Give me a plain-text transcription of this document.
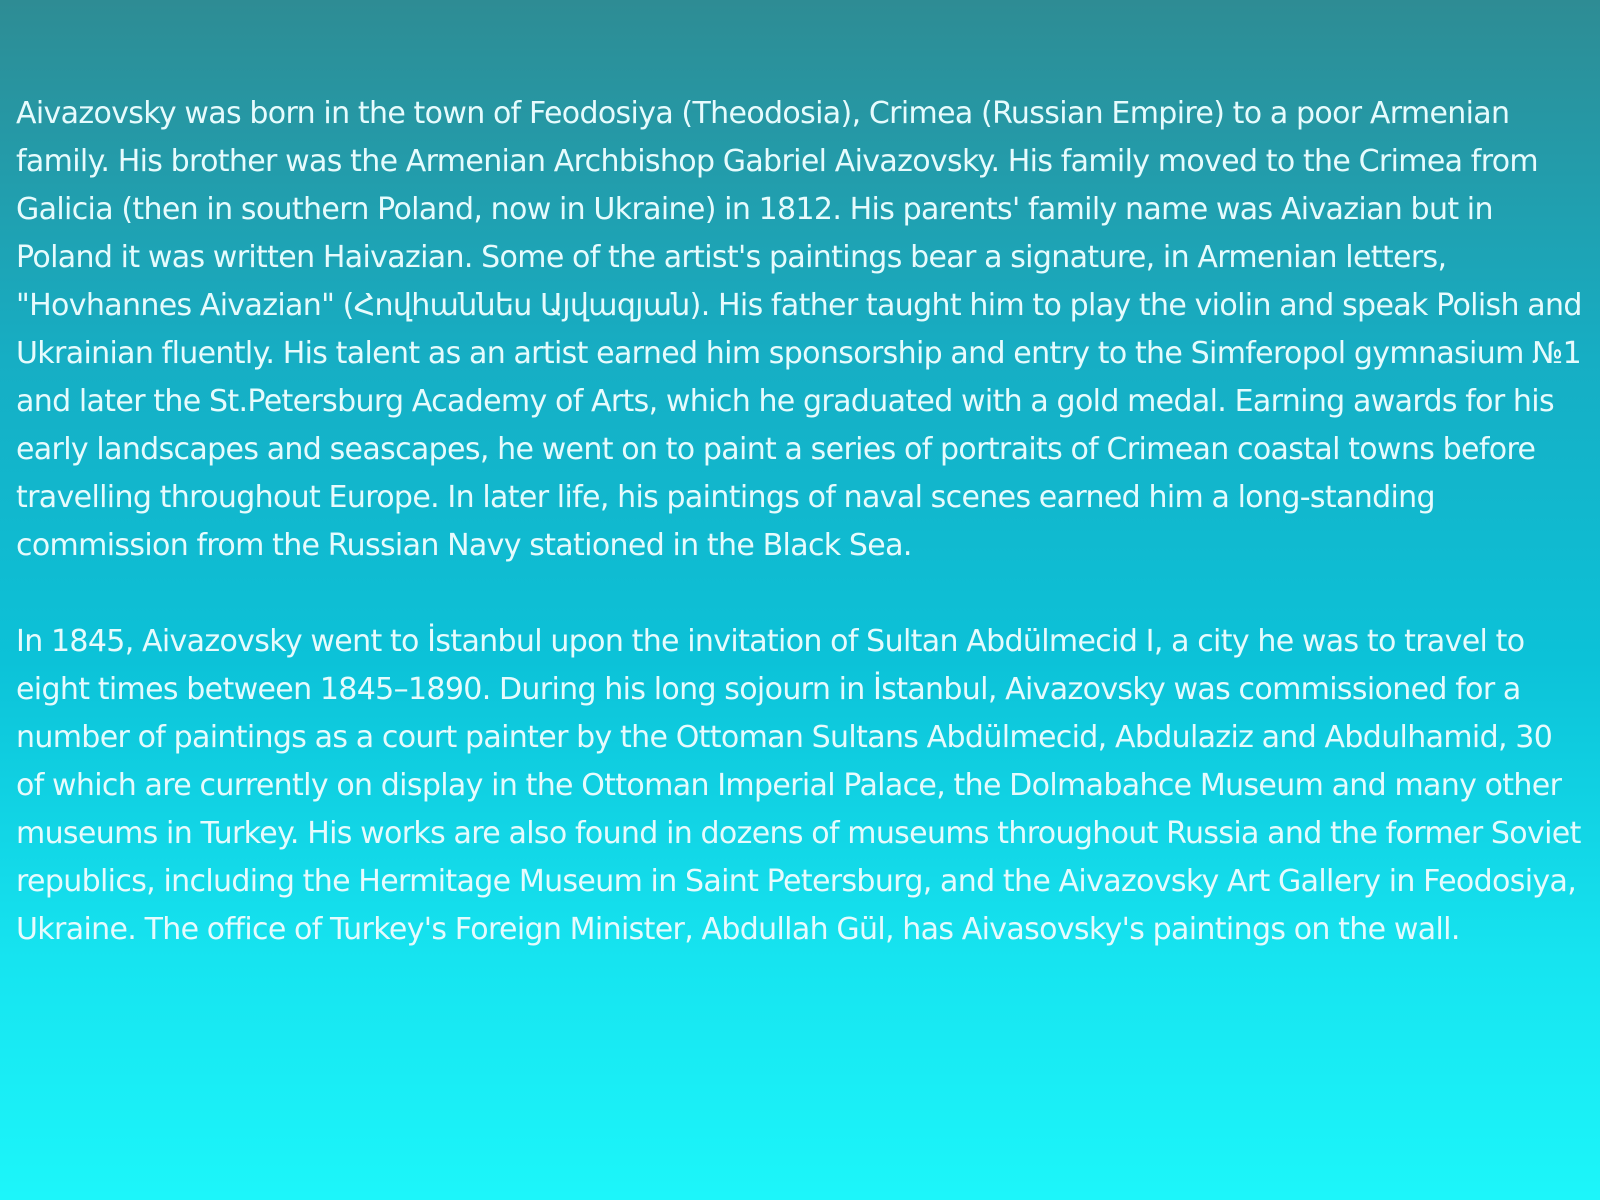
Aivazovsky was born in the town of Feodosiya (Theodosia), Crimea (Russian Empire) to a poor Armenian family. His brother was the Armenian Archbishop Gabriel Aivazovsky. His family moved to the Crimea from Galicia (then in southern Poland, now in Ukraine) in 1812. His parents' family name was Aivazian but in Poland it was written Haivazian. Some of the artist's paintings bear a signature, in Armenian letters, "Hovhannes Aivazian" (Հովհաննես Այվազյան). His father taught him to play the violin and speak Polish and Ukrainian fluently. His talent as an artist earned him sponsorship and entry to the Simferopol gymnasium №1 and later the St.Petersburg Academy of Arts, which he graduated with a gold medal. Earning awards for his early landscapes and seascapes, he went on to paint a series of portraits of Crimean coastal towns before travelling throughout Europe. In later life, his paintings of naval scenes earned him a long-standing commission from the Russian Navy stationed in the Black Sea.

In 1845, Aivazovsky went to İstanbul upon the invitation of Sultan Abdülmecid I, a city he was to travel to eight times between 1845–1890. During his long sojourn in İstanbul, Aivazovsky was commissioned for a number of paintings as a court painter by the Ottoman Sultans Abdülmecid, Abdulaziz and Abdulhamid, 30 of which are currently on display in the Ottoman Imperial Palace, the Dolmabahce Museum and many other museums in Turkey. His works are also found in dozens of museums throughout Russia and the former Soviet republics, including the Hermitage Museum in Saint Petersburg, and the Aivazovsky Art Gallery in Feodosiya, Ukraine. The office of Turkey's Foreign Minister, Abdullah Gül, has Aivasovsky's paintings on the wall.
